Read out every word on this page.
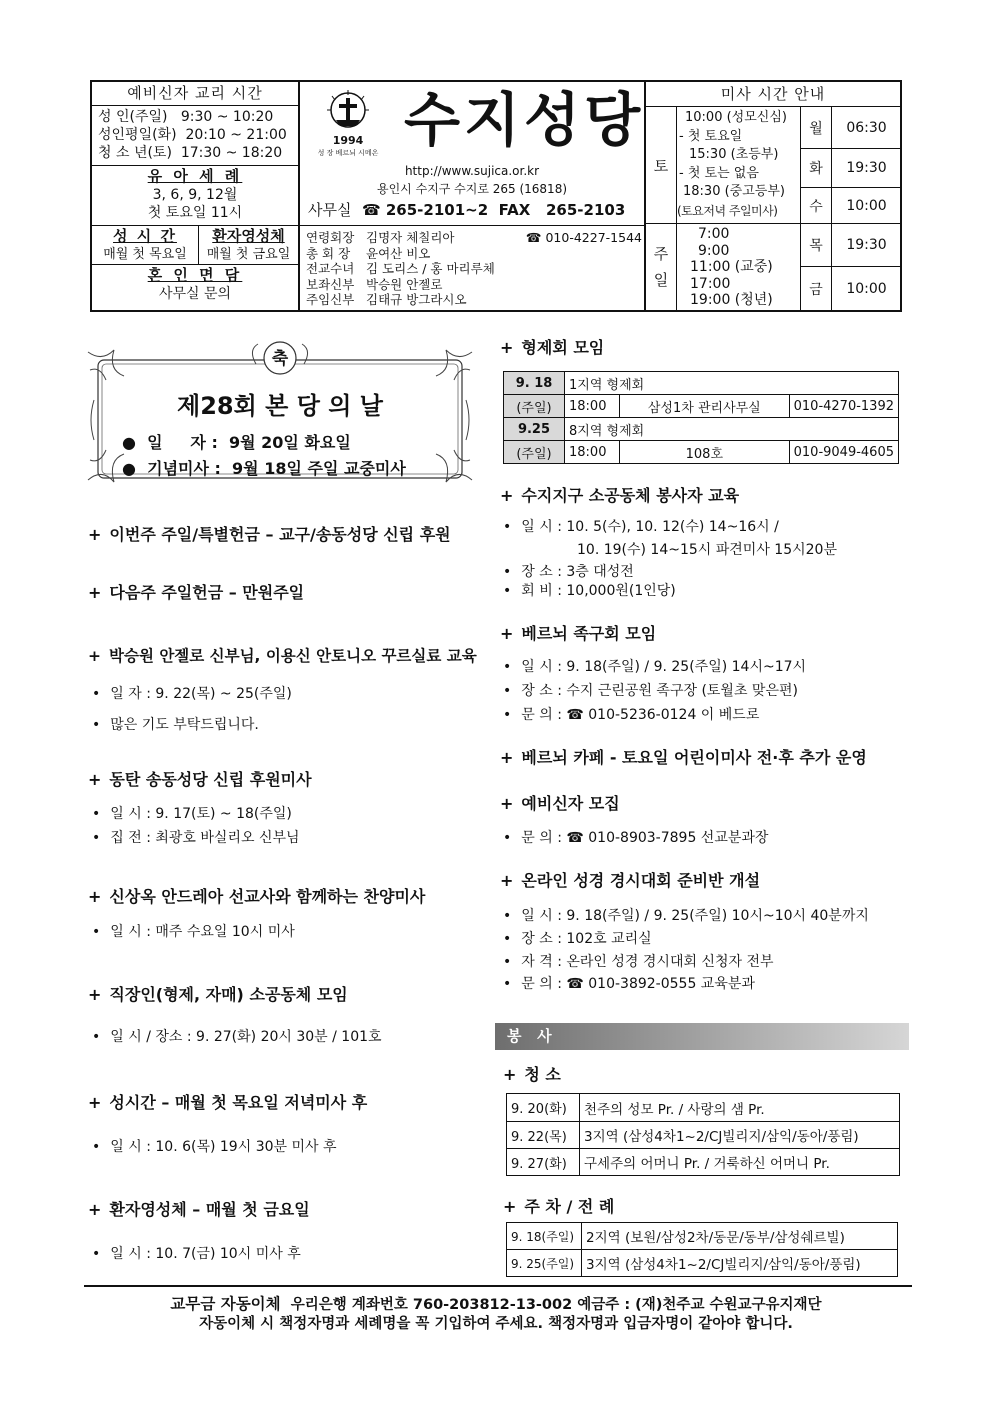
예비신자 교리 시간
성 인(주일) 9:30 ~ 10:20
성인평일(화) 20:10 ~ 21:00
청 소 년(토) 17:30 ~ 18:20
유 아 세 례
3, 6, 9, 12월
첫 토요일 11시
성 시 간
매월 첫 목요일
환자영성체
매월 첫 금요일
혼 인 면 담
사무실 문의
1994
성 장 베르뇌 시메온 수지성당
http://www.sujica.or.kr
용인시 수지구 수지로 265 (16818)
사무실 ☎ 265-2101~2 FAX 265-2103
연령회장 김명자 체칠리아	☎ 010-4227-1544
총 회 장 윤여산 비오
전교수녀 김 도리스 / 홍 마리루체
보좌신부 박승원 안젤로
주임신부 김태규 방그라시오
미사 시간 안내
토
10:00 (성모신심)
- 첫 토요일
15:30 (초등부)
- 첫 토는 없음
18:30 (중고등부)
(토요저녁 주일미사)
주
일
7:00
9:00
11:00 (교중)
17:00
19:00 (청년)
월	06:30
화	19:30
수	10:00
목	19:30
금	10:00
축
제28회 본 당 의 날
●  일     자 : 9월 20일 화요일
●  기념미사 : 9월 18일 주일 교중미사
+ 이번주 주일/특별헌금 – 교구/송동성당 신립 후원
+ 다음주 주일헌금 – 만원주일
+ 박승원 안젤로 신부님, 이용신 안토니오 꾸르실료 교육
• 일 자 : 9. 22(목) ~ 25(주일)
• 많은 기도 부탁드립니다.
+ 동탄 송동성당 신립 후원미사
• 일 시 : 9. 17(토) ~ 18(주일)
• 집 전 : 최광호 바실리오 신부님
+ 신상옥 안드레아 선교사와 함께하는 찬양미사
• 일 시 : 매주 수요일 10시 미사
+ 직장인(형제, 자매) 소공동체 모임
• 일 시 / 장소 : 9. 27(화) 20시 30분 / 101호
+ 성시간 – 매월 첫 목요일 저녁미사 후
• 일 시 : 10. 6(목) 19시 30분 미사 후
+ 환자영성체 – 매월 첫 금요일
• 일 시 : 10. 7(금) 10시 미사 후
+ 형제회 모임
9. 18	1지역 형제회		
(주일)	18:00	삼성1차 관리사무실	010-4270-1392
9.25	8지역 형제회		
(주일)	18:00	108호	010-9049-4605
+ 수지지구 소공동체 봉사자 교육
• 일 시 : 10. 5(수), 10. 12(수) 14~16시 /
10. 19(수) 14~15시 파견미사 15시20분
• 장 소 : 3층 대성전
• 회 비 : 10,000원(1인당)
+ 베르뇌 족구회 모임
• 일 시 : 9. 18(주일) / 9. 25(주일) 14시~17시
• 장 소 : 수지 근린공원 족구장 (토월초 맞은편)
• 문 의 : ☎ 010-5236-0124 이 베드로
+ 베르뇌 카페 - 토요일 어린이미사 전·후 추가 운영
+ 예비신자 모집
• 문 의 : ☎ 010-8903-7895 선교분과장
+ 온라인 성경 경시대회 준비반 개설
• 일 시 : 9. 18(주일) / 9. 25(주일) 10시~10시 40분까지
• 장 소 : 102호 교리실
• 자 격 : 온라인 성경 경시대회 신청자 전부
• 문 의 : ☎ 010-3892-0555 교육분과
봉   사
+ 청 소
9. 20(화)	천주의 성모 Pr. / 사랑의 샘 Pr.
9. 22(목)	3지역 (삼성4차1~2/CJ빌리지/삼익/동아/풍림)
9. 27(화)	구세주의 어머니 Pr. / 거룩하신 어머니 Pr.
+ 주 차 / 전 례
9. 18(주일)	2지역 (보원/삼성2차/동문/동부/삼성쉐르빌)
9. 25(주일)	3지역 (삼성4차1~2/CJ빌리지/삼익/동아/풍림)
교무금 자동이체 우리은행 계좌번호 760-203812-13-002 예금주 : (재)천주교 수원교구유지재단
자동이체 시 책정자명과 세례명을 꼭 기입하여 주세요. 책정자명과 입금자명이 같아야 합니다.
